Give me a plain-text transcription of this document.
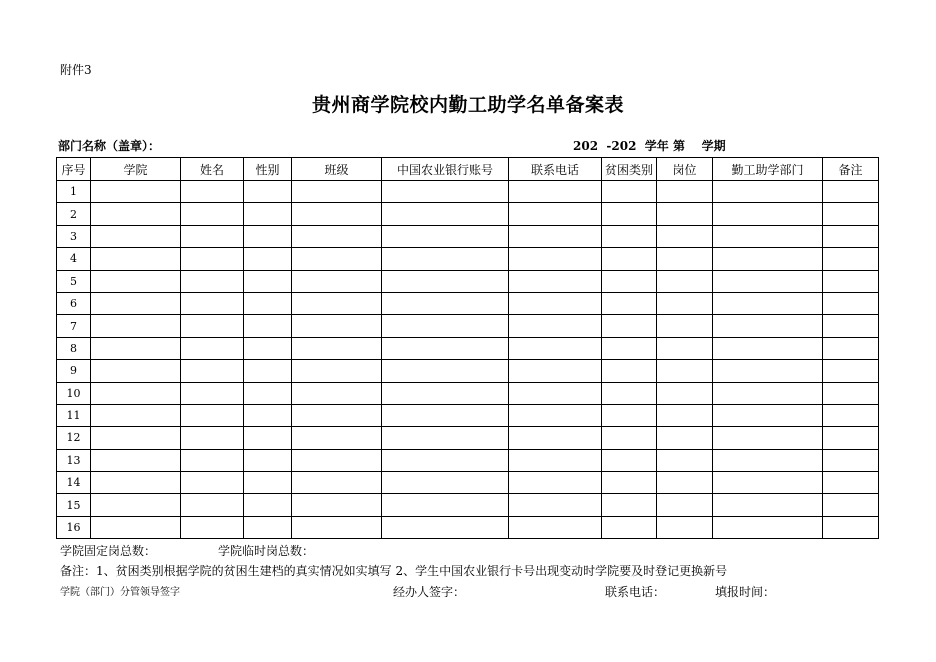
附件3
贵州商学院校内勤工助学名单备案表
部门名称（盖章）：	202  -202  学年 第    学期
序号	学院	姓名	性别	班级	中国农业银行账号	联系电话	贫困类别	岗位	勤工助学部门	备注
1										
2										
3										
4										
5										
6										
7										
8										
9										
10										
11										
12										
13										
14										
15										
16										
学院固定岗总数：	学院临时岗总数：
备注：1、贫困类别根据学院的贫困生建档的真实情况如实填写 2、学生中国农业银行卡号出现变动时学院要及时登记更换新号
学院（部门）分管领导签字	经办人签字：	联系电话：	填报时间：
